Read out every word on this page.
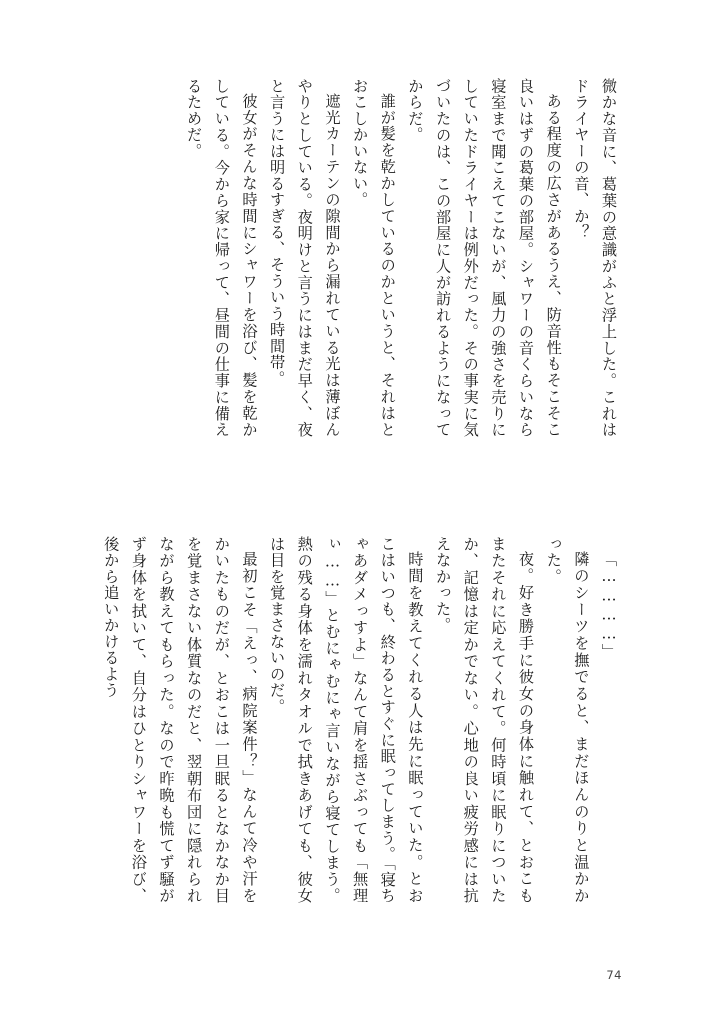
微かな音に、葛葉の意識がふと浮上した。これはドライヤーの音、か？

ある程度の広さがあるうえ、防音性もそこそこ良いはずの葛葉の部屋。シャワーの音くらいなら寝室まで聞こえてこないが、風力の強さを売りにしていたドライヤーは例外だった。その事実に気づいたのは、この部屋に人が訪れるようになってからだ。

誰が髪を乾かしているのかというと、それはとおこしかいない。

遮光カーテンの隙間から漏れている光は薄ぼんやりとしている。夜明けと言うにはまだ早く、夜と言うには明るすぎる、そういう時間帯。

彼女がそんな時間にシャワーを浴び、髪を乾かしている。今から家に帰って、昼間の仕事に備えるためだ。

「…………」

隣のシーツを撫でると、まだほんのりと温かかった。

夜。好き勝手に彼女の身体に触れて、とおこもまたそれに応えてくれて。何時頃に眠りについたか、記憶は定かでない。心地の良い疲労感には抗えなかった。

時間を教えてくれる人は先に眠っていた。とおこはいつも、終わるとすぐに眠ってしまう。「寝ちゃあダメっすよ」なんて肩を揺さぶっても「無理ぃ……」とむにゃむにゃ言いながら寝てしまう。熱の残る身体を濡れタオルで拭きあげても、彼女は目を覚まさないのだ。

最初こそ「えっ、病院案件？」なんて冷や汗をかいたものだが、とおこは一旦眠るとなかなか目を覚まさない体質なのだと、翌朝布団に隠れられながら教えてもらった。なので昨晩も慌てず騒がず身体を拭いて、自分はひとりシャワーを浴び、後から追いかけるよう

74
